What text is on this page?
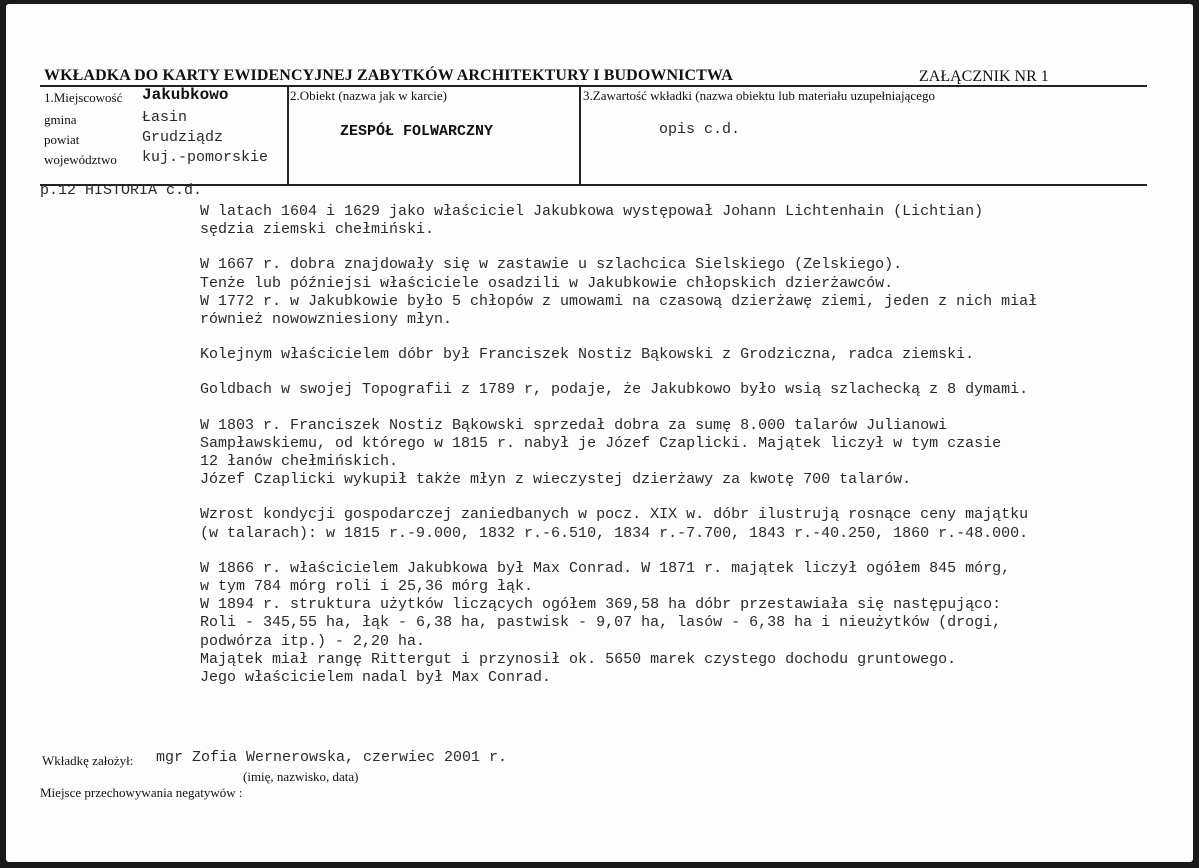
WKŁADKA DO KARTY EWIDENCYJNEJ ZABYTKÓW ARCHITEKTURY I BUDOWNICTWA	ZAŁĄCZNIK NR 1
1.Miejscowość Jakubkowo
gmina	Łasin
powiat	Grudziądz
województwo kuj.-pomorskie
2.Obiekt (nazwa jak w karcie)
ZESPÓŁ FOLWARCZNY
3.Zawartość wkładki (nazwa obiektu lub materiału uzupełniającego
opis c.d.
p.12 HISTORIA c.d.

W latach 1604 i 1629 jako właściciel Jakubkowa występował Johann Lichtenhain (Lichtian)
sędzia ziemski chełmiński.

W 1667 r. dobra znajdowały się w zastawie u szlachcica Sielskiego (Zelskiego).
Tenże lub późniejsi właściciele osadzili w Jakubkowie chłopskich dzierżawców.
W 1772 r. w Jakubkowie było 5 chłopów z umowami na czasową dzierżawę ziemi, jeden z nich miał
również nowowzniesiony młyn.

Kolejnym właścicielem dóbr był Franciszek Nostiz Bąkowski z Grodziczna, radca ziemski.

Goldbach w swojej Topografii z 1789 r, podaje, że Jakubkowo było wsią szlachecką z 8 dymami.

W 1803 r. Franciszek Nostiz Bąkowski sprzedał dobra za sumę 8.000 talarów Julianowi
Sampławskiemu, od którego w 1815 r. nabył je Józef Czaplicki. Majątek liczył w tym czasie
12 łanów chełmińskich.
Józef Czaplicki wykupił także młyn z wieczystej dzierżawy za kwotę 700 talarów.

Wzrost kondycji gospodarczej zaniedbanych w pocz. XIX w. dóbr ilustrują rosnące ceny majątku
(w talarach): w 1815 r.-9.000, 1832 r.-6.510, 1834 r.-7.700, 1843 r.-40.250, 1860 r.-48.000.

W 1866 r. właścicielem Jakubkowa był Max Conrad. W 1871 r. majątek liczył ogółem 845 mórg,
w tym 784 mórg roli i 25,36 mórg łąk.
W 1894 r. struktura użytków liczących ogółem 369,58 ha dóbr przestawiała się następująco:
Roli - 345,55 ha, łąk - 6,38 ha, pastwisk - 9,07 ha, lasów - 6,38 ha i nieużytków (drogi,
podwórza itp.) - 2,20 ha.
Majątek miał rangę Rittergut i przynosił ok. 5650 marek czystego dochodu gruntowego.
Jego właścicielem nadal był Max Conrad.

Wkładkę założył: mgr Zofia Wernerowska, czerwiec 2001 r.
(imię, nazwisko, data)
Miejsce przechowywania negatywów :
